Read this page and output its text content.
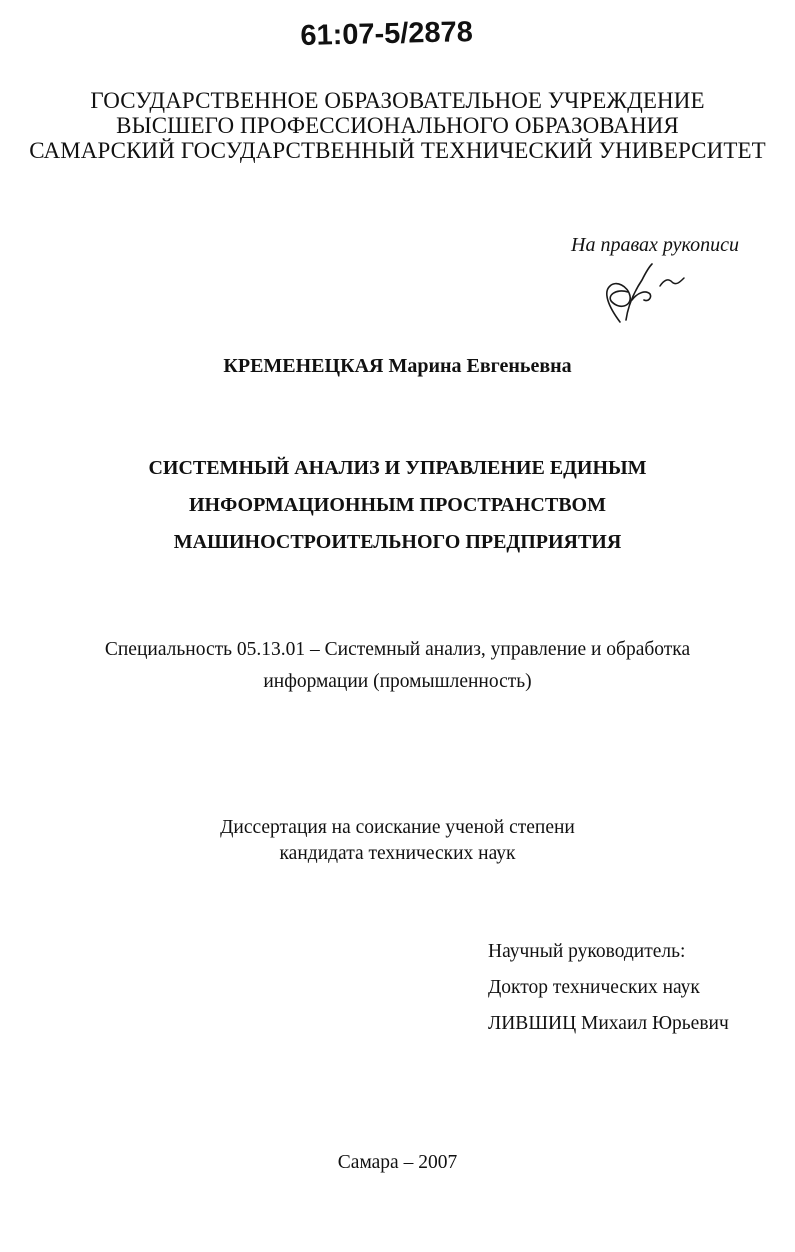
61:07-5/2878
ГОСУДАРСТВЕННОЕ ОБРАЗОВАТЕЛЬНОЕ УЧРЕЖДЕНИЕ
ВЫСШЕГО ПРОФЕССИОНАЛЬНОГО ОБРАЗОВАНИЯ
САМАРСКИЙ ГОСУДАРСТВЕННЫЙ ТЕХНИЧЕСКИЙ УНИВЕРСИТЕТ
На правах рукописи
КРЕМЕНЕЦКАЯ Марина Евгеньевна
СИСТЕМНЫЙ АНАЛИЗ И УПРАВЛЕНИЕ ЕДИНЫМ
ИНФОРМАЦИОННЫМ ПРОСТРАНСТВОМ
МАШИНОСТРОИТЕЛЬНОГО ПРЕДПРИЯТИЯ
Специальность 05.13.01 – Системный анализ, управление и обработка
информации (промышленность)
Диссертация на соискание ученой степени
кандидата технических наук
Научный руководитель:
Доктор технических наук
ЛИВШИЦ Михаил Юрьевич
Самара – 2007
